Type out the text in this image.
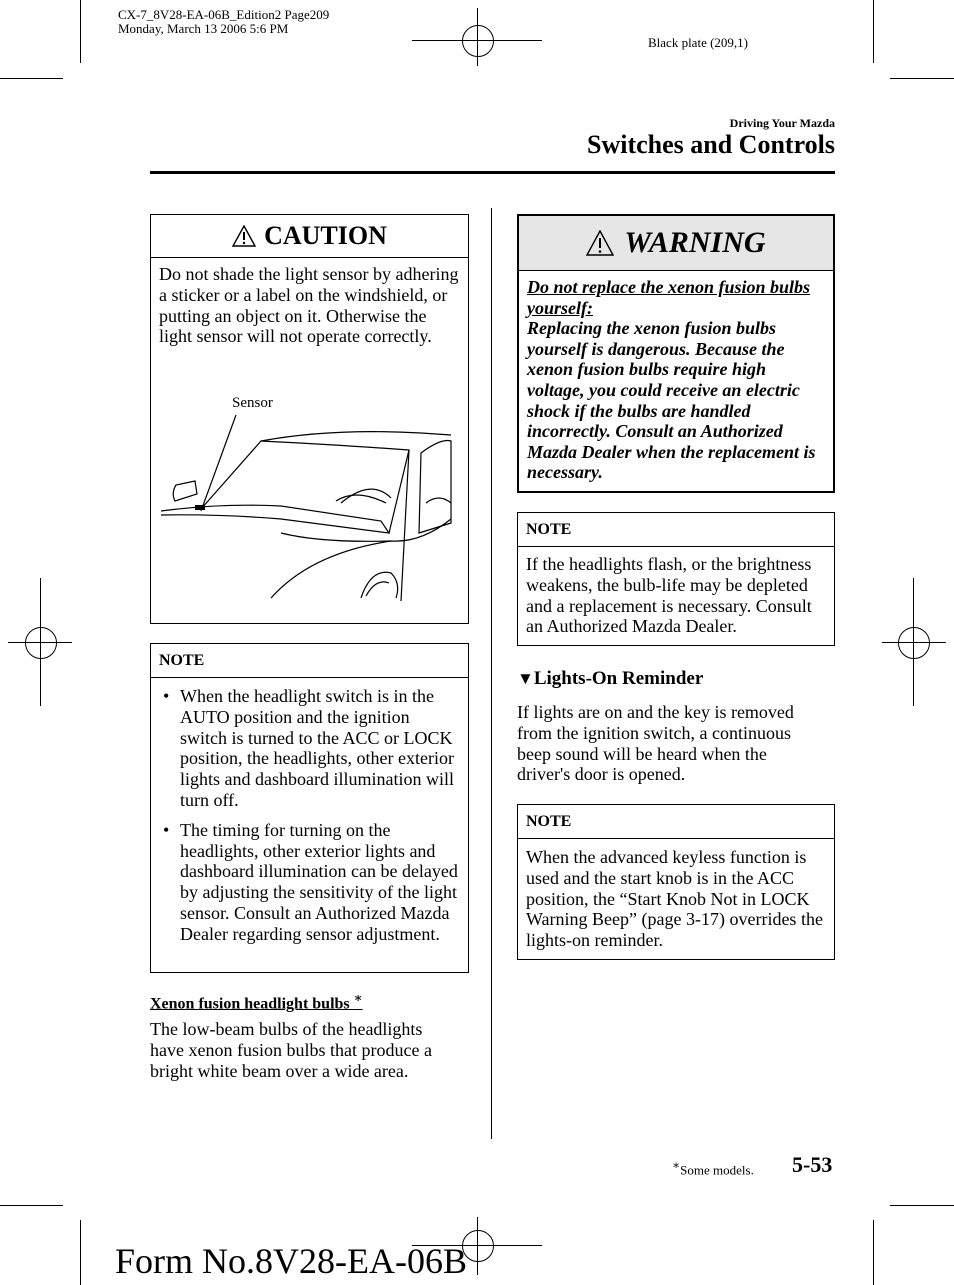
CX-7_8V28-EA-06B_Edition2 Page209
Monday, March 13 2006 5:6 PM
Black plate (209,1)
Driving Your Mazda
Switches and Controls
CAUTION
Do not shade the light sensor by adhering a sticker or a label on the windshield, or putting an object on it. Otherwise the light sensor will not operate correctly.
Sensor
NOTE
• When the headlight switch is in the AUTO position and the ignition switch is turned to the ACC or LOCK position, the headlights, other exterior lights and dashboard illumination will turn off.
• The timing for turning on the headlights, other exterior lights and dashboard illumination can be delayed by adjusting the sensitivity of the light sensor. Consult an Authorized Mazda Dealer regarding sensor adjustment.
Xenon fusion headlight bulbs ∗
The low-beam bulbs of the headlights have xenon fusion bulbs that produce a bright white beam over a wide area.
WARNING
Do not replace the xenon fusion bulbs yourself:
Replacing the xenon fusion bulbs yourself is dangerous. Because the xenon fusion bulbs require high voltage, you could receive an electric shock if the bulbs are handled incorrectly. Consult an Authorized Mazda Dealer when the replacement is necessary.
NOTE
If the headlights flash, or the brightness weakens, the bulb-life may be depleted and a replacement is necessary. Consult an Authorized Mazda Dealer.
▼Lights-On Reminder
If lights are on and the key is removed from the ignition switch, a continuous beep sound will be heard when the driver's door is opened.
NOTE
When the advanced keyless function is used and the start knob is in the ACC position, the “Start Knob Not in LOCK Warning Beep” (page 3-17) overrides the lights-on reminder.
∗Some models. 5-53
Form No.8V28-EA-06B
